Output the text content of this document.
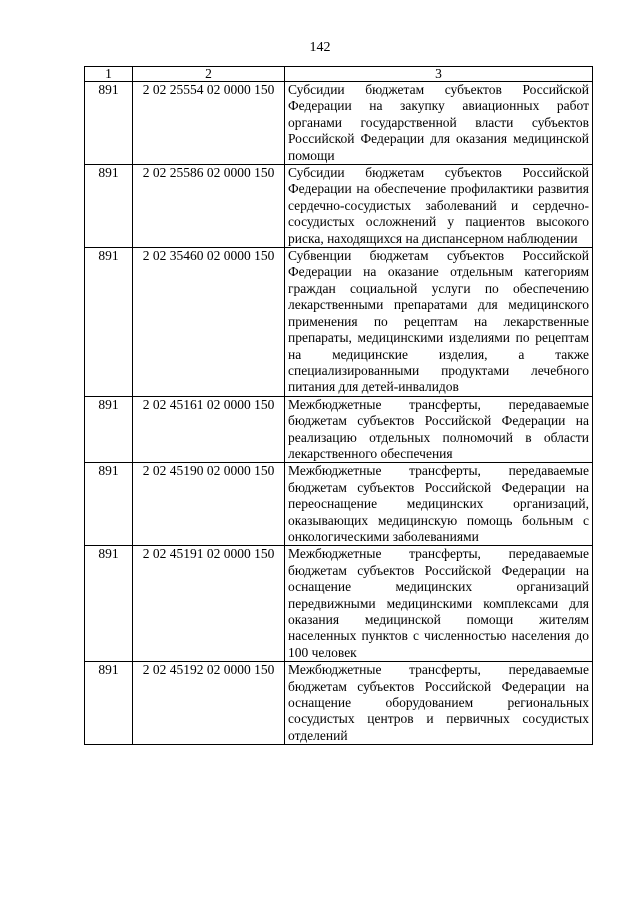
142
1	2	3
891	2 02 25554 02 0000 150	Субсидии бюджетам субъектов Российской Федерации на закупку авиационных работ органами государственной власти субъектов Российской Федерации для оказания медицинской помощи
891	2 02 25586 02 0000 150	Субсидии бюджетам субъектов Российской Федерации на обеспечение профилактики развития сердечно-сосудистых заболеваний и сердечно-сосудистых осложнений у пациентов высокого риска, находящихся на диспансерном наблюдении
891	2 02 35460 02 0000 150	Субвенции бюджетам субъектов Российской Федерации на оказание отдельным категориям граждан социальной услуги по обеспечению лекарственными препаратами для медицинского применения по рецептам на лекарственные препараты, медицинскими изделиями по рецептам на медицинские изделия, а также специализированными продуктами лечебного питания для детей-инвалидов
891	2 02 45161 02 0000 150	Межбюджетные трансферты, передаваемые бюджетам субъектов Российской Федерации на реализацию отдельных полномочий в области лекарственного обеспечения
891	2 02 45190 02 0000 150	Межбюджетные трансферты, передаваемые бюджетам субъектов Российской Федерации на переоснащение медицинских организаций, оказывающих медицинскую помощь больным с онкологическими заболеваниями
891	2 02 45191 02 0000 150	Межбюджетные трансферты, передаваемые бюджетам субъектов Российской Федерации на оснащение медицинских организаций передвижными медицинскими комплексами для оказания медицинской помощи жителям населенных пунктов с численностью населения до 100 человек
891	2 02 45192 02 0000 150	Межбюджетные трансферты, передаваемые бюджетам субъектов Российской Федерации на оснащение оборудованием региональных сосудистых центров и первичных сосудистых отделений
